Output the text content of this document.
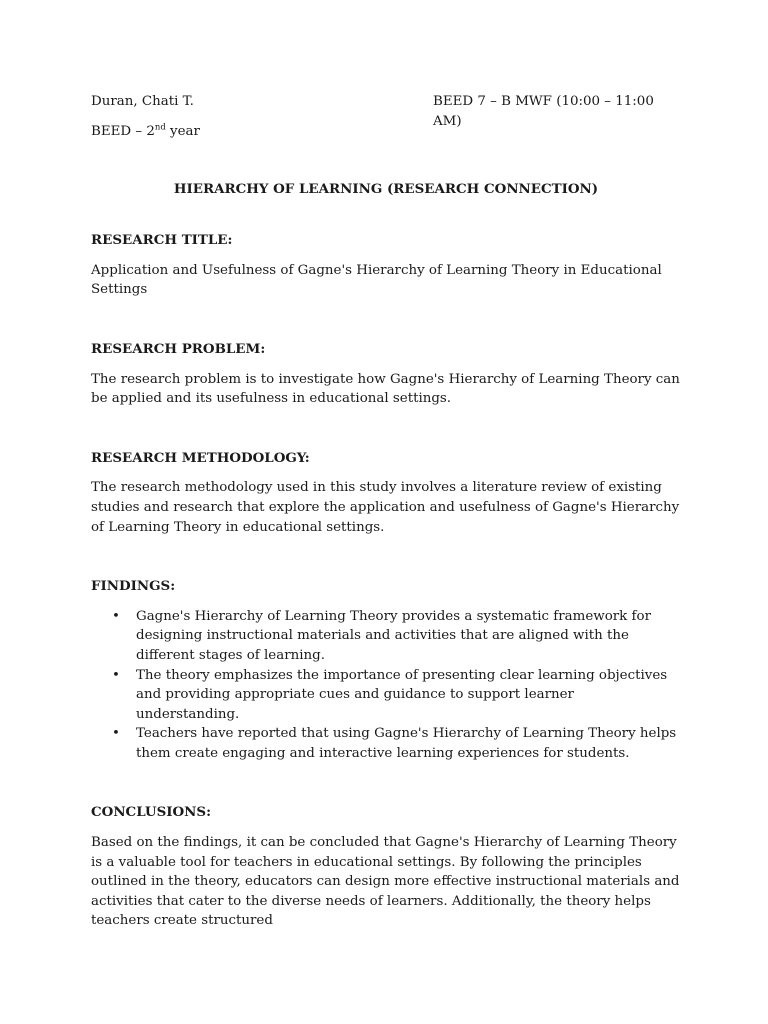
Duran, Chati T.	BEED 7 – B MWF (10:00 – 11:00 AM)
BEED – 2nd year
HIERARCHY OF LEARNING (RESEARCH CONNECTION)
RESEARCH TITLE:
Application and Usefulness of Gagne's Hierarchy of Learning Theory in Educational Settings
RESEARCH PROBLEM:
The research problem is to investigate how Gagne's Hierarchy of Learning Theory can be applied and its usefulness in educational settings.
RESEARCH METHODOLOGY:
The research methodology used in this study involves a literature review of existing studies and research that explore the application and usefulness of Gagne's Hierarchy of Learning Theory in educational settings.
FINDINGS:
• Gagne's Hierarchy of Learning Theory provides a systematic framework for designing instructional materials and activities that are aligned with the different stages of learning.
• The theory emphasizes the importance of presenting clear learning objectives and providing appropriate cues and guidance to support learner understanding.
• Teachers have reported that using Gagne's Hierarchy of Learning Theory helps them create engaging and interactive learning experiences for students.
CONCLUSIONS:
Based on the findings, it can be concluded that Gagne's Hierarchy of Learning Theory is a valuable tool for teachers in educational settings. By following the principles outlined in the theory, educators can design more effective instructional materials and activities that cater to the diverse needs of learners. Additionally, the theory helps teachers create structured
